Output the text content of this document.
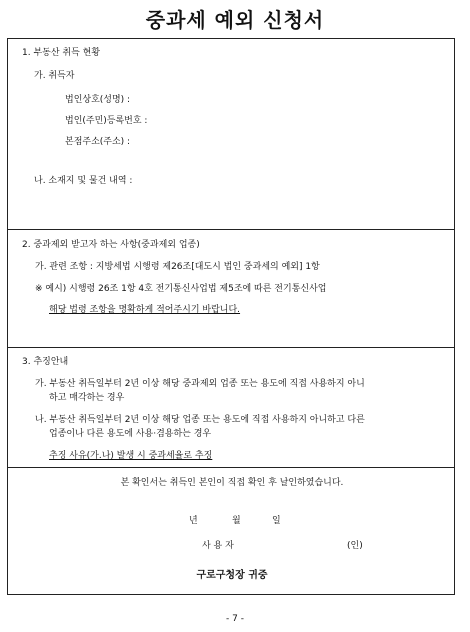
중과세 예외 신청서
1. 부동산 취득 현황
가. 취득자
법인상호(성명) :
법인(주민)등록번호 :
본점주소(주소) :
나. 소재지 및 물건 내역 :
2. 중과제외 받고자 하는 사항(중과제외 업종)
가. 관련 조항 : 지방세법 시행령 제26조[대도시 법인 중과세의 예외] 1항
※ 예시) 시행령 26조 1항 4호 전기통신사업법 제5조에 따른 전기통신사업
해당 법령 조항을 명확하게 적어주시기 바랍니다.
3. 추징안내
가. 부동산 취득일부터 2년 이상 해당 중과제외 업종 또는 용도에 직접 사용하지 아니
하고 매각하는 경우
나. 부동산 취득일부터 2년 이상 해당 업종 또는 용도에 직접 사용하지 아니하고 다른
업종이나 다른 용도에 사용·겸용하는 경우
추징 사유(가.나) 발생 시 중과세율로 추징
본 확인서는 취득인 본인이 직접 확인 후 날인하였습니다.
년	월	일
사 용 자	(인)
구로구청장 귀중
- 7 -
